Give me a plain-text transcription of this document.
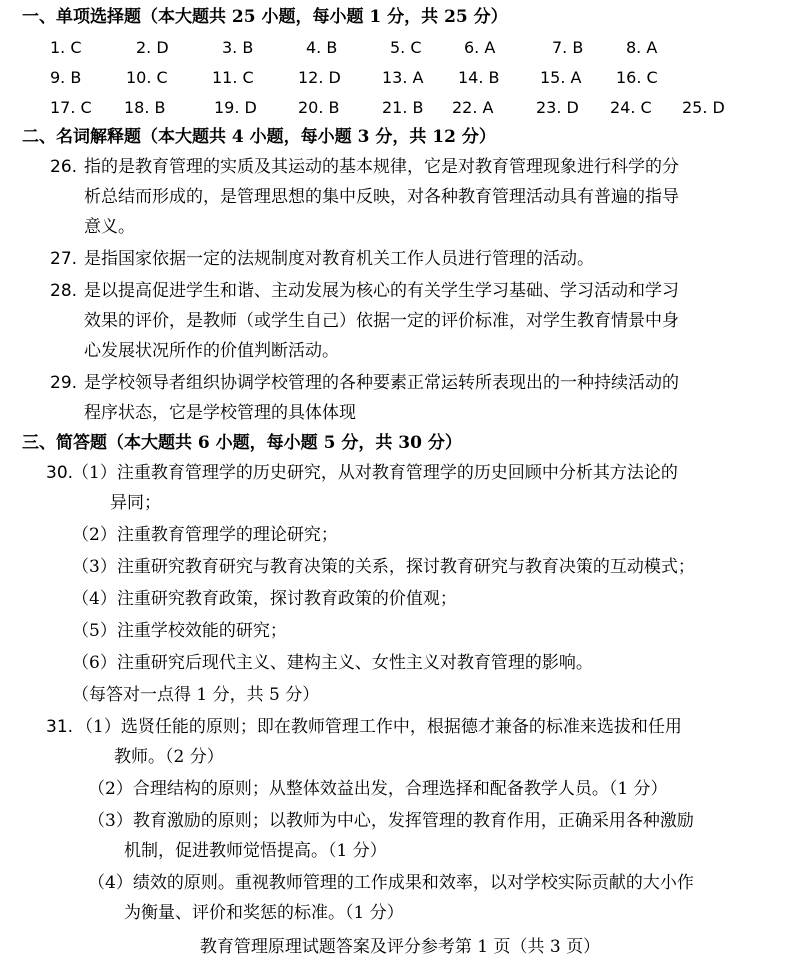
一、单项选择题（本大题共 25 小题，每小题 1 分，共 25 分）
1. C	2. D	3. B	4. B	5. C	6. A	7. B	8. A
9. B	10. C	11. C	12. D	13. A 14. B	15. A 16. C
17. C 18. B	19. D	20. B	21. B 22. A	23. D 24. C 25. D
二、名词解释题（本大题共 4 小题，每小题 3 分，共 12 分）
26. 指的是教育管理的实质及其运动的基本规律，它是对教育管理现象进行科学的分
析总结而形成的，是管理思想的集中反映，对各种教育管理活动具有普遍的指导
意义。
27. 是指国家依据一定的法规制度对教育机关工作人员进行管理的活动。
28. 是以提高促进学生和谐、主动发展为核心的有关学生学习基础、学习活动和学习
效果的评价，是教师（或学生自己）依据一定的评价标准，对学生教育情景中身
心发展状况所作的价值判断活动。
29. 是学校领导者组织协调学校管理的各种要素正常运转所表现出的一种持续活动的
程序状态，它是学校管理的具体体现
三、简答题（本大题共 6 小题，每小题 5 分，共 30 分）
30.
（1）注重教育管理学的历史研究，从对教育管理学的历史回顾中分析其方法论的
异同；
（2）注重教育管理学的理论研究；
（3）注重研究教育研究与教育决策的关系，探讨教育研究与教育决策的互动模式；
（4）注重研究教育政策，探讨教育政策的价值观；
（5）注重学校效能的研究；
（6）注重研究后现代主义、建构主义、女性主义对教育管理的影响。
（每答对一点得 1 分，共 5 分）
31. （1）选贤任能的原则；即在教师管理工作中，根据德才兼备的标准来选拔和任用
教师。（2 分）
（2）合理结构的原则；从整体效益出发，合理选择和配备教学人员。（1 分）
（3）教育激励的原则；以教师为中心，发挥管理的教育作用，正确采用各种激励
机制，促进教师觉悟提高。（1 分）
（4）绩效的原则。重视教师管理的工作成果和效率，以对学校实际贡献的大小作
为衡量、评价和奖惩的标准。（1 分）
教育管理原理试题答案及评分参考第 1 页（共 3 页）
